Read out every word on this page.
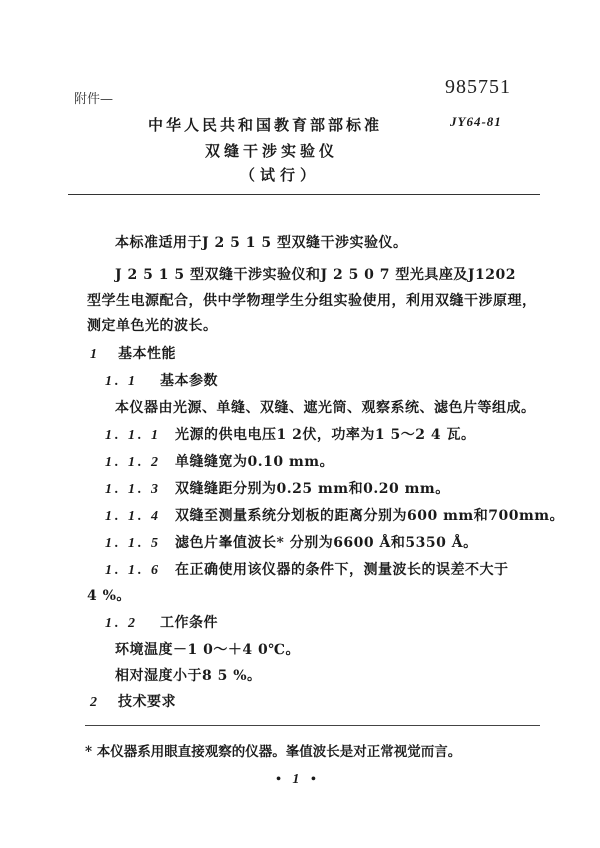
附件—
985751
JY64-81
中华人民共和国教育部部标准
双缝干涉实验仪
（试行）
本标准适用于J 2 5 1 5 型双缝干涉实验仪。
J 2 5 1 5 型双缝干涉实验仪和J 2 5 0 7 型光具座及J1202
型学生电源配合，供中学物理学生分组实验使用，利用双缝干涉原理，
测定单色光的波长。
1 基本性能
1. 1 基本参数
本仪器由光源、单缝、双缝、遮光筒、观察系统、滤色片等组成。
1. 1. 1 光源的供电电压1 2伏，功率为1 5～2 4 瓦。
1. 1. 2 单缝缝宽为0.10 mm。
1. 1. 3 双缝缝距分别为0.25 mm和0.20 mm。
1. 1. 4 双缝至测量系统分划板的距离分别为600 mm和700mm。
1. 1. 5 滤色片峯值波长* 分别为6600 Å和5350 Å。
1. 1. 6 在正确使用该仪器的条件下，测量波长的误差不大于
4 %。
1. 2 工作条件
环境温度－1 0～＋4 0℃。
相对湿度小于8 5 %。
2 技术要求
* 本仪器系用眼直接观察的仪器。峯值波长是对正常视觉而言。
• 1 •
